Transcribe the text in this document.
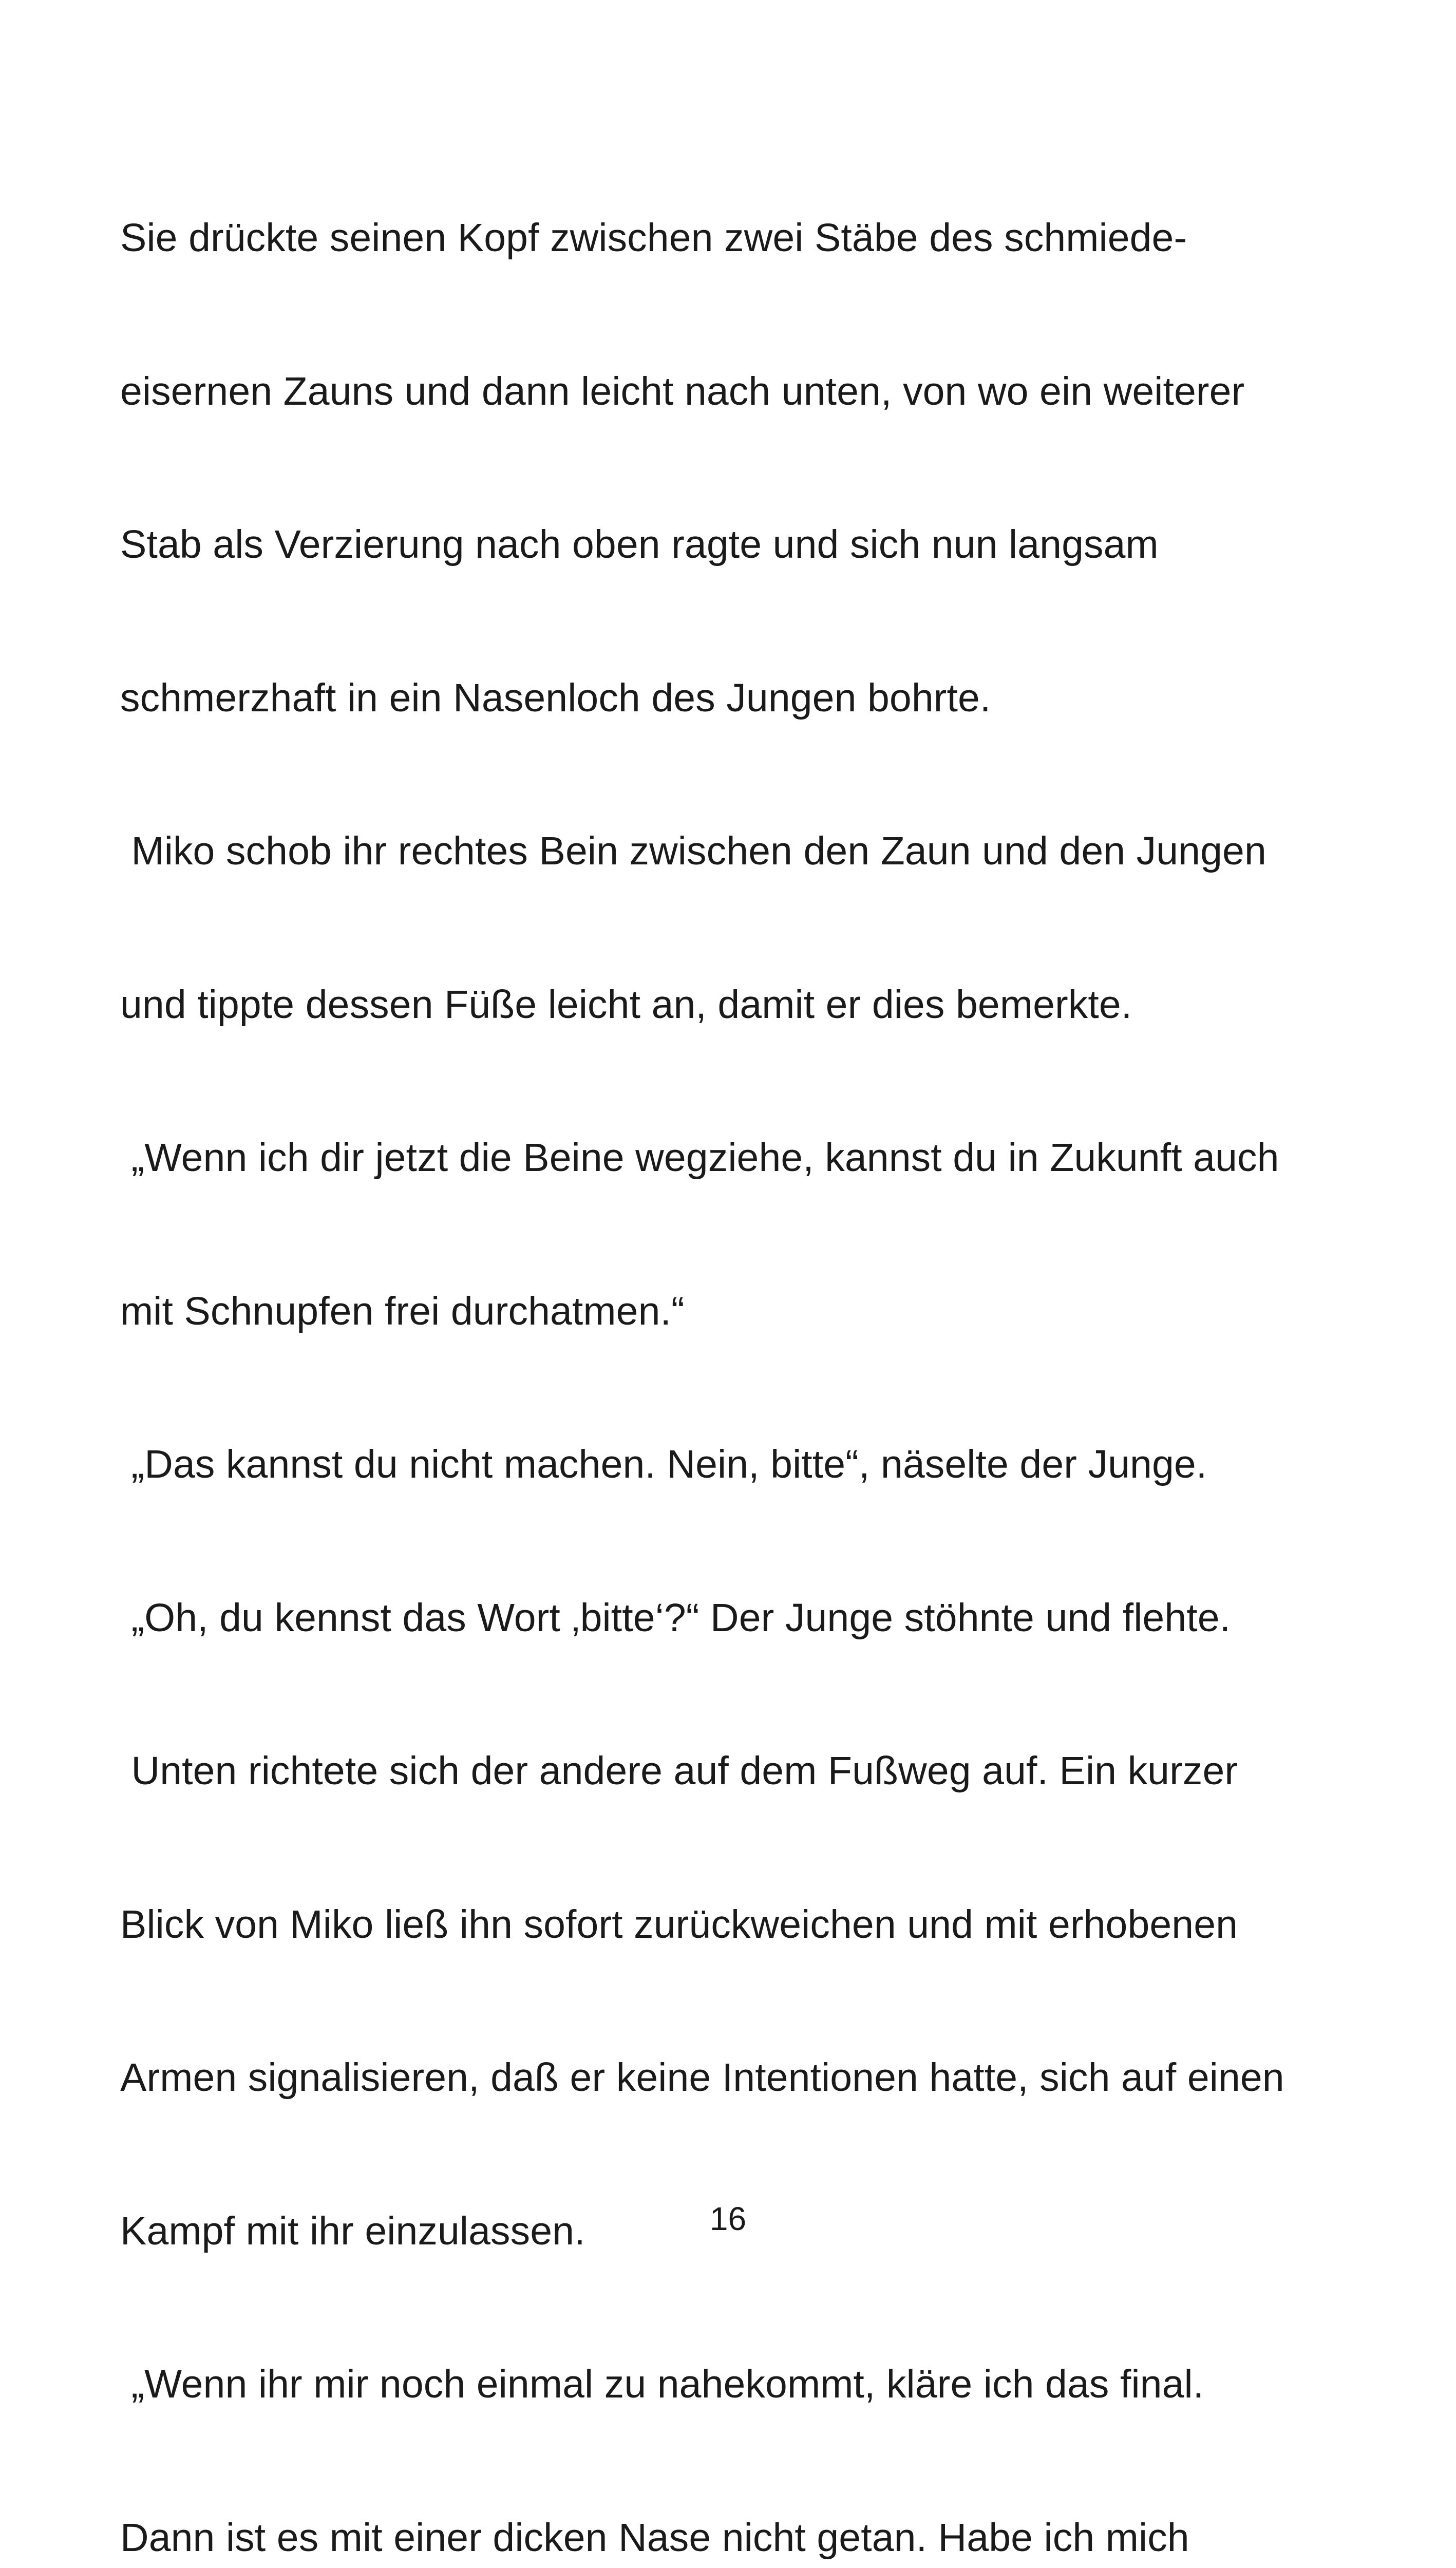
Sie drückte seinen Kopf zwischen zwei Stäbe des schmiede-

eisernen Zauns und dann leicht nach unten, von wo ein weiterer

Stab als Verzierung nach oben ragte und sich nun langsam

schmerzhaft in ein Nasenloch des Jungen bohrte.

Miko schob ihr rechtes Bein zwischen den Zaun und den Jungen

und tippte dessen Füße leicht an, damit er dies bemerkte.

„Wenn ich dir jetzt die Beine wegziehe, kannst du in Zukunft auch

mit Schnupfen frei durchatmen.“

„Das kannst du nicht machen. Nein, bitte“, näselte der Junge.

„Oh, du kennst das Wort ‚bitte‘?“ Der Junge stöhnte und flehte.

Unten richtete sich der andere auf dem Fußweg auf. Ein kurzer

Blick von Miko ließ ihn sofort zurückweichen und mit erhobenen

Armen signalisieren, daß er keine Intentionen hatte, sich auf einen

Kampf mit ihr einzulassen.

„Wenn ihr mir noch einmal zu nahekommt, kläre ich das final.

Dann ist es mit einer dicken Nase nicht getan. Habe ich mich

16
